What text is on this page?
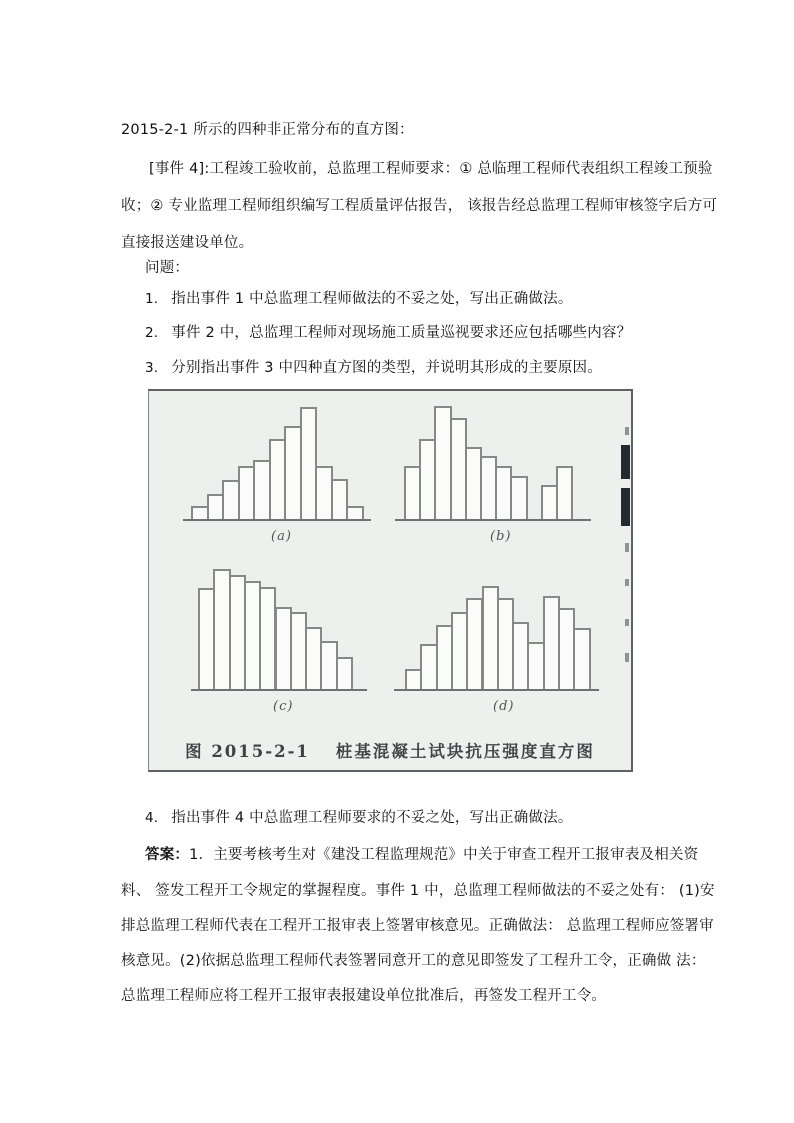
2015-2-1 所示的四种非正常分布的直方图：
[事件 4]:工程竣工验收前，总监理工程师要求：① 总临理工程师代表组织工程竣工预验
收；② 专业监理工程师组织编写工程质量评估报告， 该报告经总监理工程师审核签字后方可
直接报送建设单位。
问题：
1. 指出事件 1 中总监理工程师做法的不妥之处，写出正确做法。
2. 事件 2 中，总监理工程师对现场施工质量巡视要求还应包括哪些内容？
3. 分别指出事件 3 中四种直方图的类型，并说明其形成的主要原因。
(a)	(b)
(c)	(d)
图 2015-2-1 桩基混凝土试块抗压强度直方图
4. 指出事件 4 中总监理工程师要求的不妥之处，写出正确做法。
答案：1．主要考核考生对《建没工程监理规范》中关于审查工程开工报审表及相关资
料、 签发工程开工令规定的掌握程度。事件 1 中，总监理工程师做法的不妥之处有： (1)安
排总监理工程师代表在工程开工报审表上签署审核意见。正确做法： 总监理工程师应签署审
核意见。(2)依据总监理工程师代表签署同意开工的意见即签发了工程升工令，正确做 法：
总监理工程师应将工程开工报审表报建设单位批准后，再签发工程开工令。
